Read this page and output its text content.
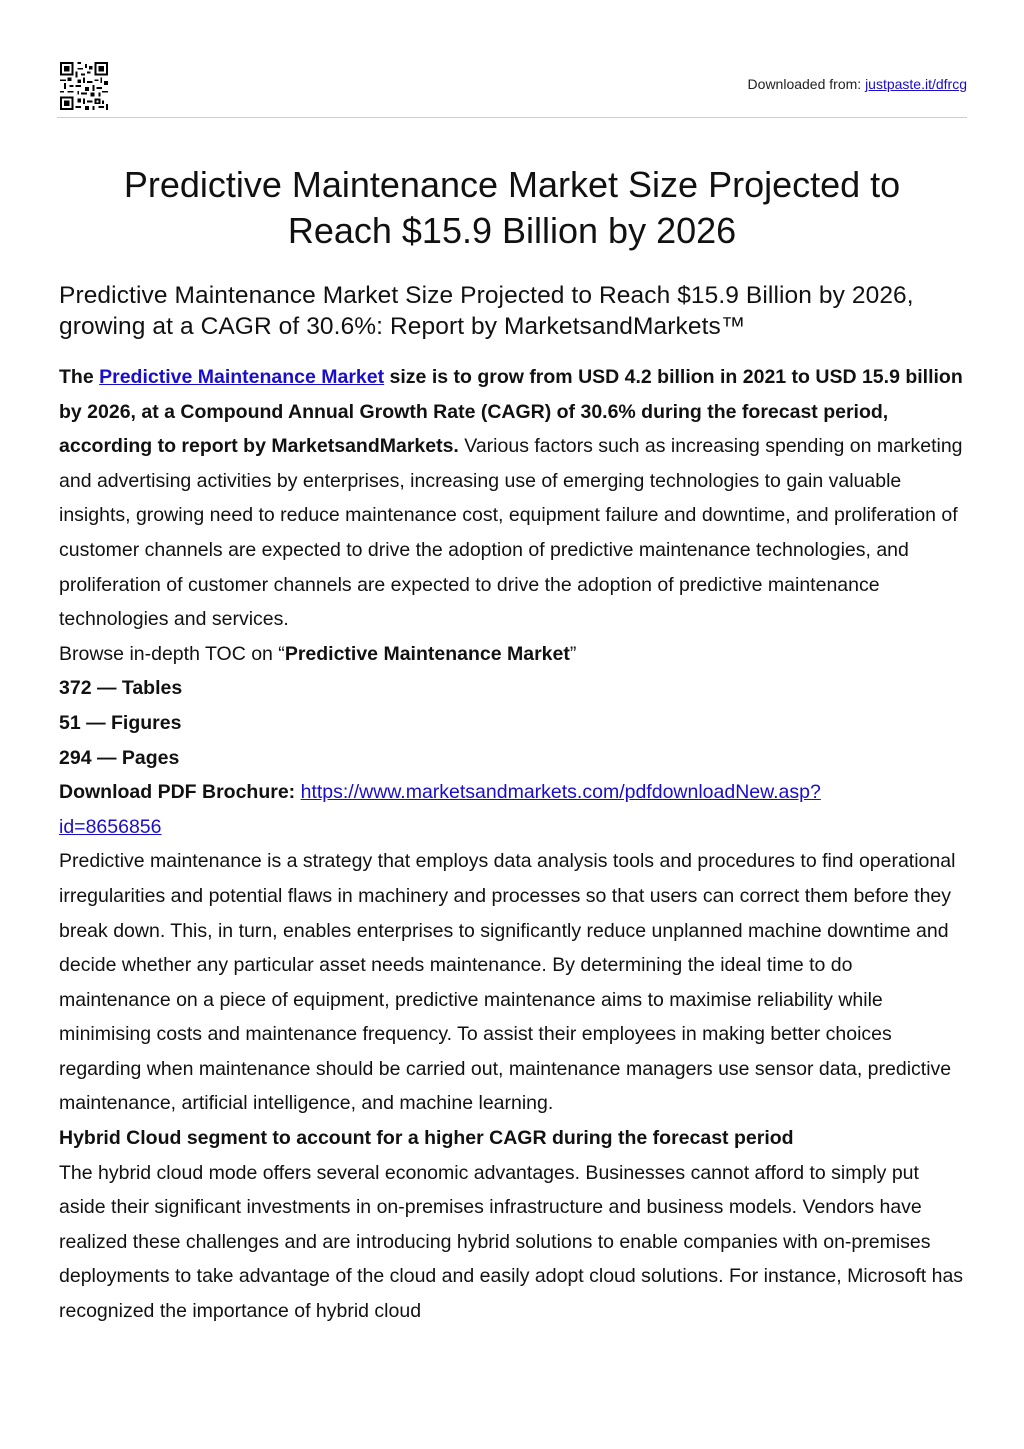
Downloaded from: justpaste.it/dfrcg
Predictive Maintenance Market Size Projected to
Reach $15.9 Billion by 2026
Predictive Maintenance Market Size Projected to Reach $15.9 Billion by 2026, growing at a CAGR of 30.6%: Report by MarketsandMarkets™

The Predictive Maintenance Market size is to grow from USD 4.2 billion in 2021 to USD 15.9 billion by 2026, at a Compound Annual Growth Rate (CAGR) of 30.6% during the forecast period, according to report by MarketsandMarkets. Various factors such as increasing spending on marketing and advertising activities by enterprises, increasing use of emerging technologies to gain valuable insights, growing need to reduce maintenance cost, equipment failure and downtime, and proliferation of customer channels are expected to drive the adoption of predictive maintenance technologies, and proliferation of customer channels are expected to drive the adoption of predictive maintenance technologies and services.

Browse in-depth TOC on “Predictive Maintenance Market”

372 — Tables

51 — Figures

294 — Pages

Download PDF Brochure: https://www.marketsandmarkets.com/pdfdownloadNew.asp?
id=8656856

Predictive maintenance is a strategy that employs data analysis tools and procedures to find operational irregularities and potential flaws in machinery and processes so that users can correct them before they break down. This, in turn, enables enterprises to significantly reduce unplanned machine downtime and decide whether any particular asset needs maintenance. By determining the ideal time to do maintenance on a piece of equipment, predictive maintenance aims to maximise reliability while minimising costs and maintenance frequency. To assist their employees in making better choices regarding when maintenance should be carried out, maintenance managers use sensor data, predictive maintenance, artificial intelligence, and machine learning.

Hybrid Cloud segment to account for a higher CAGR during the forecast period

The hybrid cloud mode offers several economic advantages. Businesses cannot afford to simply put aside their significant investments in on-premises infrastructure and business models. Vendors have realized these challenges and are introducing hybrid solutions to enable companies with on-premises deployments to take advantage of the cloud and easily adopt cloud solutions. For instance, Microsoft has recognized the importance of hybrid cloud
